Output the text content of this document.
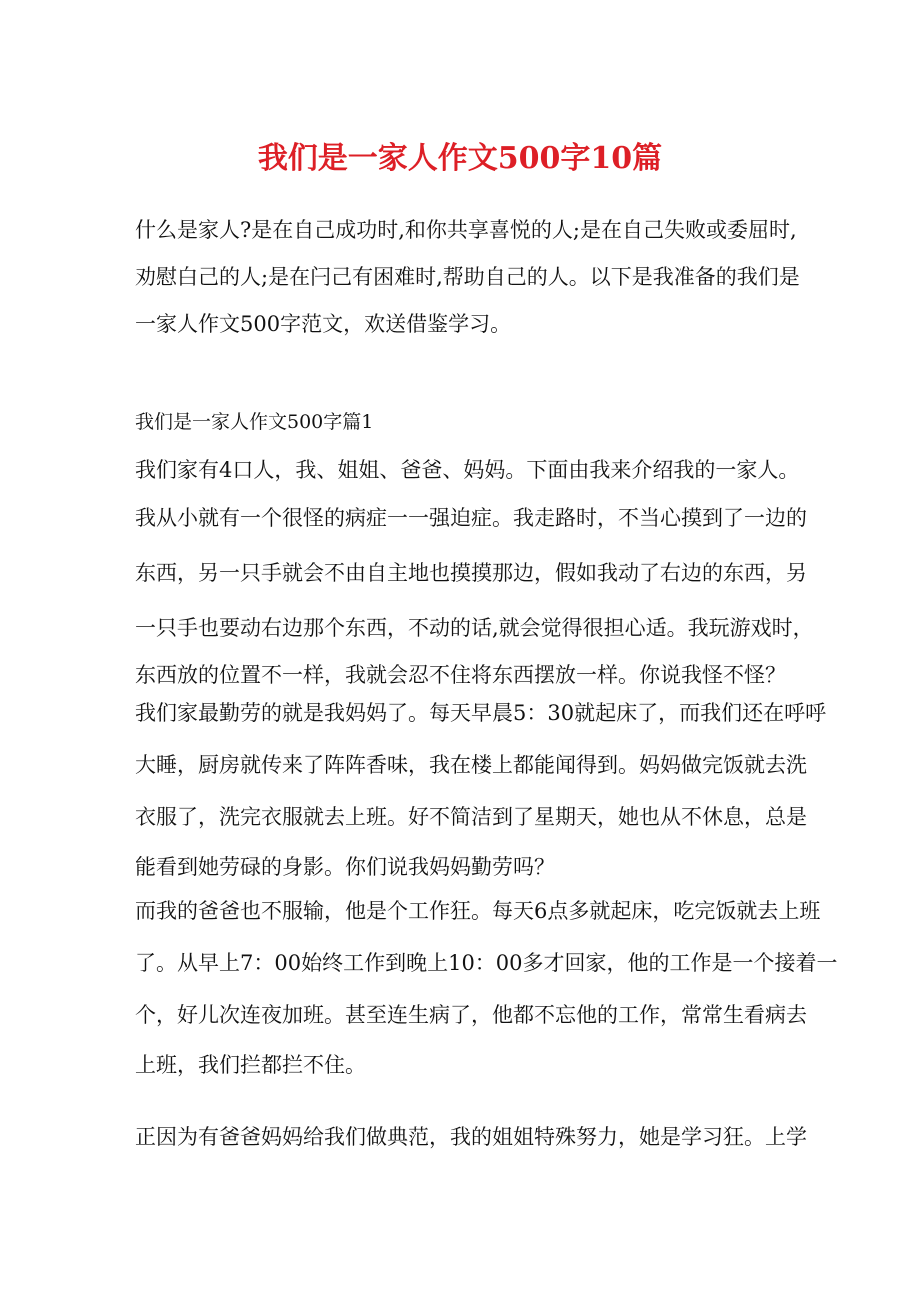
我们是一家人作文500字10篇
什么是家人?是在自己成功时,和你共享喜悦的人;是在自己失败或委屈时,
劝慰白己的人;是在闩己有困难时,帮助自己的人。以下是我准备的我们是
一家人作文500字范文，欢送借鉴学习。
我们是一家人作文500字篇1
我们家有4口人，我、姐姐、爸爸、妈妈。下面由我来介绍我的一家人。
我从小就有一个很怪的病症一一强迫症。我走路时，不当心摸到了一边的
东西，另一只手就会不由自主地也摸摸那边，假如我动了右边的东西，另
一只手也要动右边那个东西，不动的话,就会觉得很担心适。我玩游戏时，
东西放的位置不一样，我就会忍不住将东西摆放一样。你说我怪不怪？
我们家最勤劳的就是我妈妈了。每天早晨5：30就起床了，而我们还在呼呼
大睡，厨房就传来了阵阵香味，我在楼上都能闻得到。妈妈做完饭就去洗
衣服了，洗完衣服就去上班。好不简洁到了星期天，她也从不休息，总是
能看到她劳碌的身影。你们说我妈妈勤劳吗？
而我的爸爸也不服输，他是个工作狂。每天6点多就起床，吃完饭就去上班
了。从早上7：00始终工作到晚上10：00多才回家，他的工作是一个接着一
个，好儿次连夜加班。甚至连生病了，他都不忘他的工作，常常生看病去
上班，我们拦都拦不住。
正因为有爸爸妈妈给我们做典范，我的姐姐特殊努力，她是学习狂。上学
